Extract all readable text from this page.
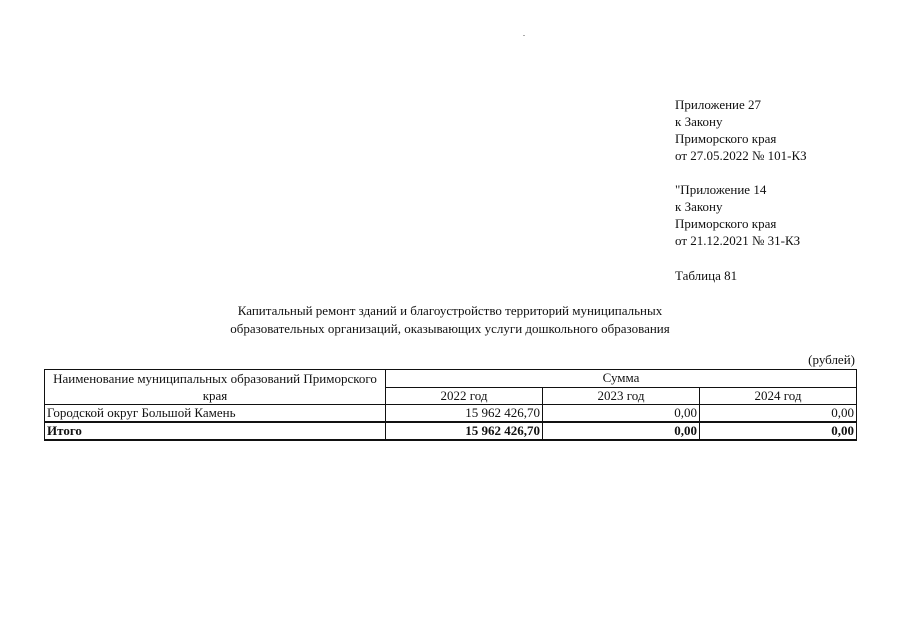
Приложение 27
к Закону
Приморского края
от 27.05.2022 № 101-КЗ
"Приложение 14
к Закону
Приморского края
от 21.12.2021 № 31-КЗ
Таблица 81
Капитальный ремонт зданий и благоустройство территорий муниципальных
образовательных организаций, оказывающих услуги дошкольного образования
(рублей)
Наименование муниципальных образований Приморского края	Сумма		
	2022 год	2023 год	2024 год
Городской округ Большой Камень	15 962 426,70	0,00	0,00
Итого	15 962 426,70	0,00	0,00
